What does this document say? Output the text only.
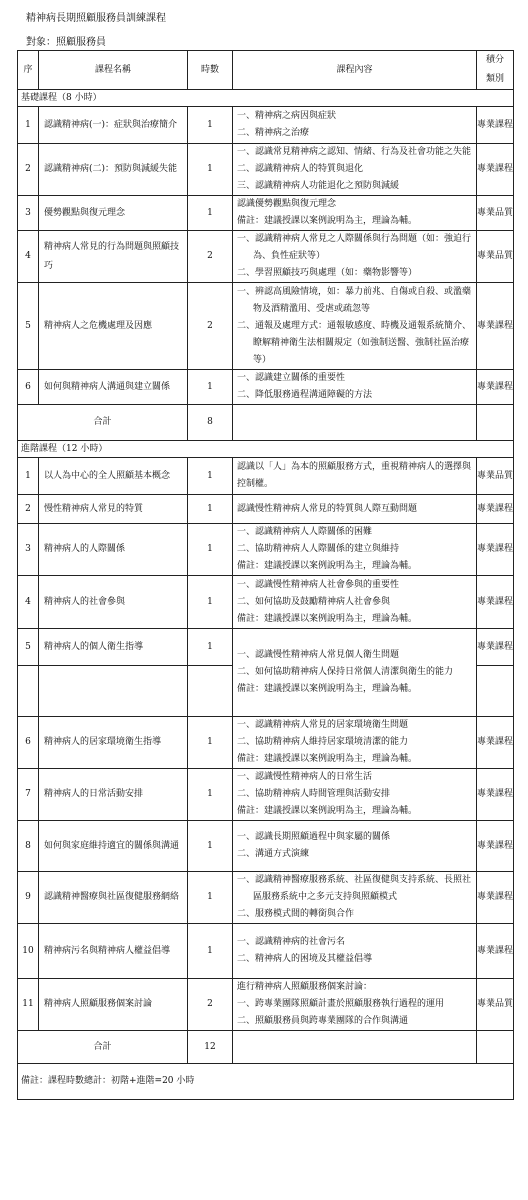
精神病長期照顧服務員訓練課程
對象：照顧服務員
序	課程名稱	時數	課程內容	積分
類別

基礎課程（8 小時）				
1	認識精神病(一)：症狀與治療簡介	1	一、精神病之病因與症狀
二、精神病之治療	專業課程
2	認識精神病(二)：預防與減緩失能	1	一、認識常見精神病之認知、情緒、行為及社會功能之失能
二、認識精神病人的特質與退化
三、認識精神病人功能退化之預防與減緩	專業課程
3	優勢觀點與復元理念	1	認識優勢觀點與復元理念
備註：建議授課以案例說明為主，理論為輔。	專業品質
4	精神病人常見的行為問題與照顧技巧	2	一、認識精神病人常見之人際關係與行為問題（如：強迫行為、負性症狀等）
二、學習照顧技巧與處理（如：藥物影響等）	專業品質
5	精神病人之危機處理及因應	2	一、辨認高風險情境，如：暴力前兆、自傷或自殺、或濫藥物及酒精濫用、受虐或疏忽等
二、通報及處理方式：通報敏感度、時機及通報系統簡介、瞭解精神衛生法相關規定（如強制送醫、強制社區治療等）	專業課程
6	如何與精神病人溝通與建立關係	1	一、認識建立關係的重要性
二、降低服務過程溝通障礙的方法	專業課程
合計		8		
進階課程（12 小時）				
1	以人為中心的全人照顧基本概念	1	認識以「人」為本的照顧服務方式，重視精神病人的選擇與控制權。	專業品質
2	慢性精神病人常見的特質	1	認識慢性精神病人常見的特質與人際互動問題	專業課程
3	精神病人的人際關係	1	一、認識精神病人人際關係的困難
二、協助精神病人人際關係的建立與維持
備註：建議授課以案例說明為主，理論為輔。	專業課程
4	精神病人的社會參與	1	一、認識慢性精神病人社會參與的重要性
二、如何協助及鼓勵精神病人社會參與
備註：建議授課以案例說明為主，理論為輔。	專業課程
5	精神病人的個人衛生指導	1	一、認識慢性精神病人常見個人衛生問題
二、如何協助精神病人保持日常個人清潔與衛生的能力
備註：建議授課以案例說明為主，理論為輔。	專業課程

6	精神病人的居家環境衛生指導	1	一、認識精神病人常見的居家環境衛生問題
二、協助精神病人維持居家環境清潔的能力
備註：建議授課以案例說明為主，理論為輔。	專業課程
7	精神病人的日常活動安排	1	一、認識慢性精神病人的日常生活
二、協助精神病人時間管理與活動安排
備註：建議授課以案例說明為主，理論為輔。	專業課程
8	如何與家庭維持適宜的關係與溝通	1	一、認識長期照顧過程中與家屬的關係
二、溝通方式演練	專業課程
9	認識精神醫療與社區復健服務網絡	1	一、認識精神醫療服務系統、社區復健與支持系統、長照社區服務系統中之多元支持與照顧模式
二、服務模式間的轉銜與合作	專業課程
10	精神病污名與精神病人權益倡導	1	一、認識精神病的社會污名
二、精神病人的困境及其權益倡導	專業課程
11	精神病人照顧服務個案討論	2	進行精神病人照顧服務個案討論：
一、跨專業團隊照顧計畫於照顧服務執行過程的運用
二、照顧服務員與跨專業團隊的合作與溝通	專業品質
合計		12		
備註：課程時數總計：初階+進階=20 小時				
